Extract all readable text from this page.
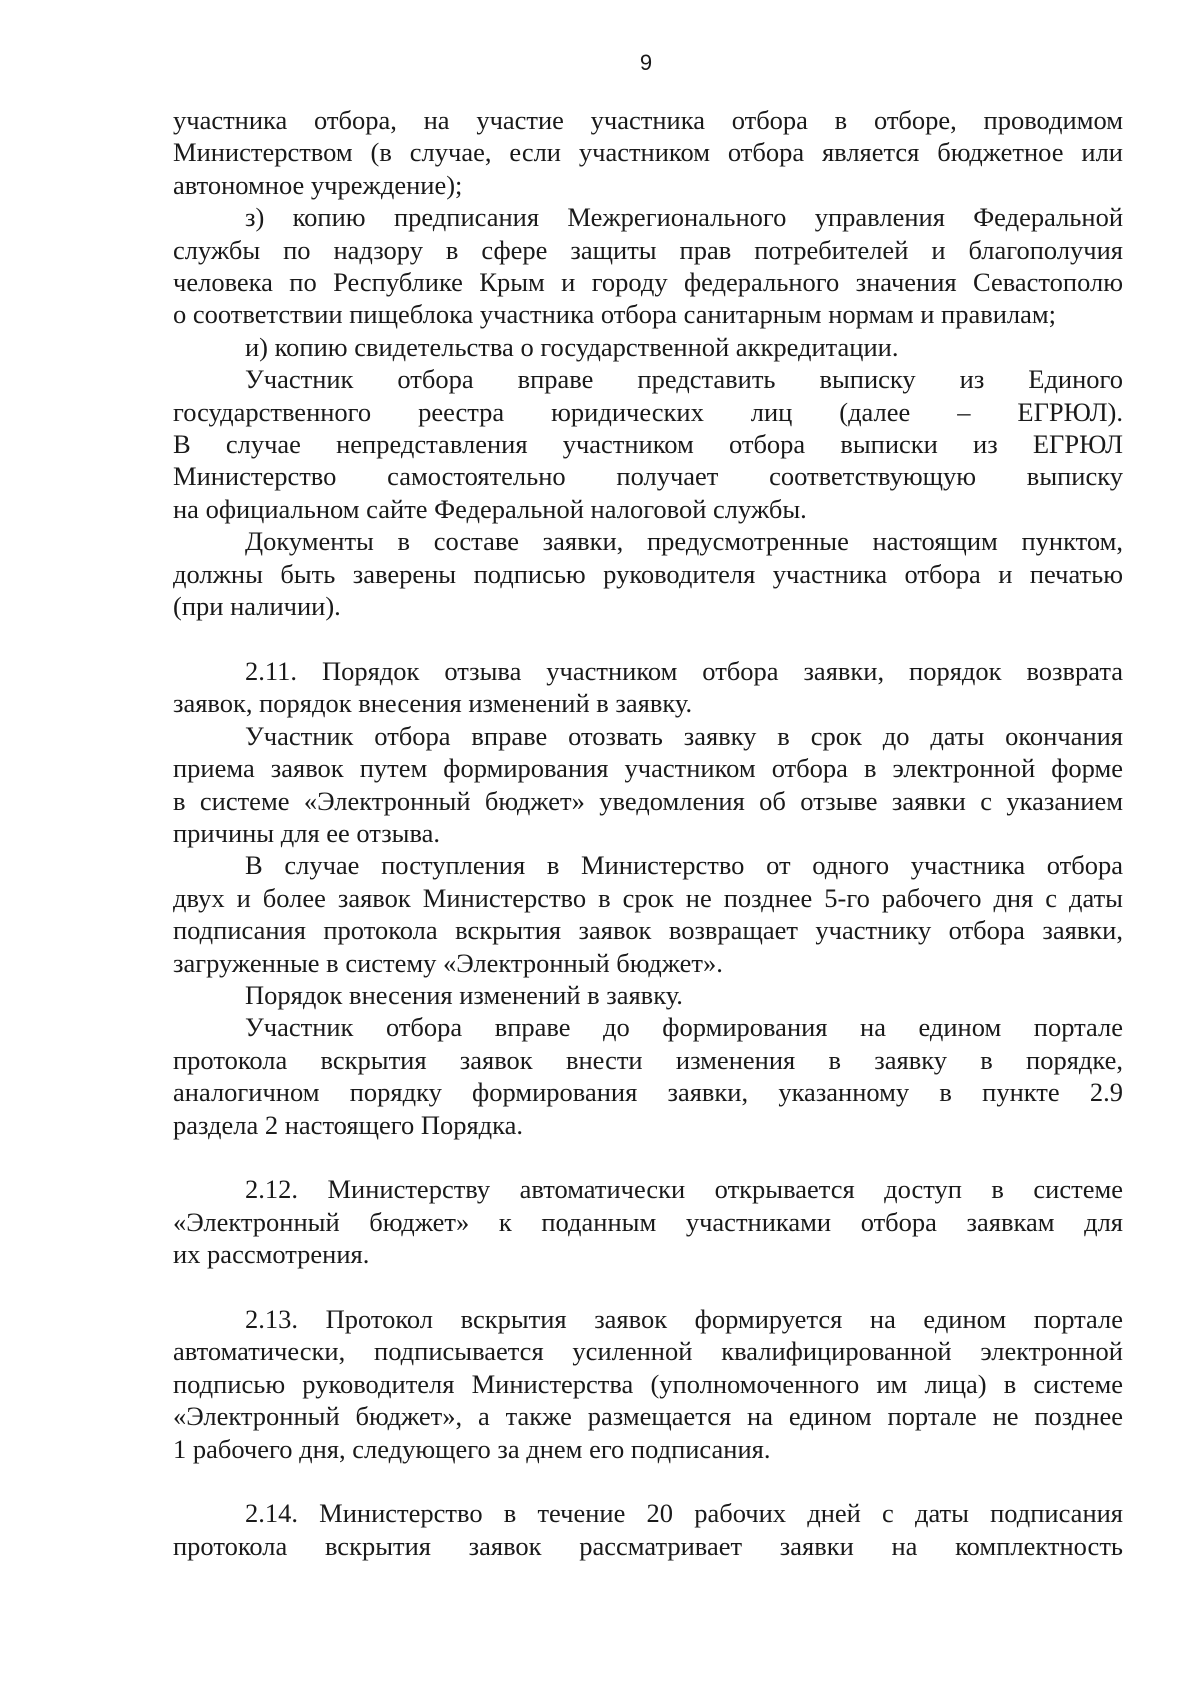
9
участника отбора, на участие участника отбора в отборе, проводимом
Министерством (в случае, если участником отбора является бюджетное или
автономное учреждение);
з) копию предписания Межрегионального управления Федеральной
службы по надзору в сфере защиты прав потребителей и благополучия
человека по Республике Крым и городу федерального значения Севастополю
о соответствии пищеблока участника отбора санитарным нормам и правилам;
и) копию свидетельства о государственной аккредитации.
Участник отбора вправе представить выписку из Единого
государственного реестра юридических лиц (далее – ЕГРЮЛ).
В случае непредставления участником отбора выписки из ЕГРЮЛ
Министерство самостоятельно получает соответствующую выписку
на официальном сайте Федеральной налоговой службы.
Документы в составе заявки, предусмотренные настоящим пунктом,
должны быть заверены подписью руководителя участника отбора и печатью
(при наличии).
2.11. Порядок отзыва участником отбора заявки, порядок возврата
заявок, порядок внесения изменений в заявку.
Участник отбора вправе отозвать заявку в срок до даты окончания
приема заявок путем формирования участником отбора в электронной форме
в системе «Электронный бюджет» уведомления об отзыве заявки с указанием
причины для ее отзыва.
В случае поступления в Министерство от одного участника отбора
двух и более заявок Министерство в срок не позднее 5-го рабочего дня с даты
подписания протокола вскрытия заявок возвращает участнику отбора заявки,
загруженные в систему «Электронный бюджет».
Порядок внесения изменений в заявку.
Участник отбора вправе до формирования на едином портале
протокола вскрытия заявок внести изменения в заявку в порядке,
аналогичном порядку формирования заявки, указанному в пункте 2.9
раздела 2 настоящего Порядка.
2.12. Министерству автоматически открывается доступ в системе
«Электронный бюджет» к поданным участниками отбора заявкам для
их рассмотрения.
2.13. Протокол вскрытия заявок формируется на едином портале
автоматически, подписывается усиленной квалифицированной электронной
подписью руководителя Министерства (уполномоченного им лица) в системе
«Электронный бюджет», а также размещается на едином портале не позднее
1 рабочего дня, следующего за днем его подписания.
2.14. Министерство в течение 20 рабочих дней с даты подписания
протокола вскрытия заявок рассматривает заявки на комплектность
